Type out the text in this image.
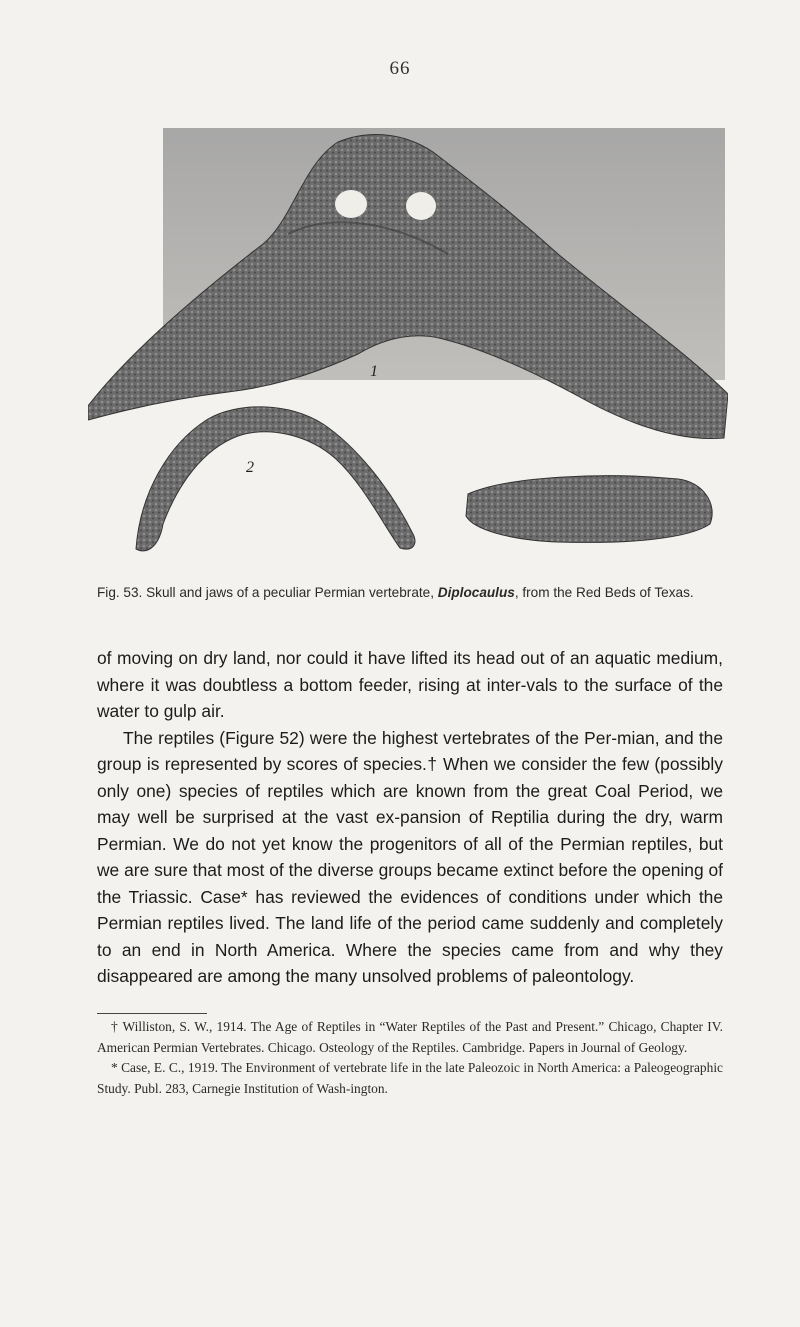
66
1
2
Fig. 53. Skull and jaws of a peculiar Permian vertebrate, Diplocaulus, from the Red Beds of Texas.

of moving on dry land, nor could it have lifted its head out of an aquatic medium, where it was doubtless a bottom feeder, rising at inter-vals to the surface of the water to gulp air.

The reptiles (Figure 52) were the highest vertebrates of the Per-mian, and the group is represented by scores of species.† When we consider the few (possibly only one) species of reptiles which are known from the great Coal Period, we may well be surprised at the vast ex-pansion of Reptilia during the dry, warm Permian. We do not yet know the progenitors of all of the Permian reptiles, but we are sure that most of the diverse groups became extinct before the opening of the Triassic. Case* has reviewed the evidences of conditions under which the Permian reptiles lived. The land life of the period came suddenly and completely to an end in North America. Where the species came from and why they disappeared are among the many unsolved problems of paleontology.

† Williston, S. W., 1914. The Age of Reptiles in “Water Reptiles of the Past and Present.” Chicago, Chapter IV. American Permian Vertebrates. Chicago. Osteology of the Reptiles. Cambridge. Papers in Journal of Geology.

* Case, E. C., 1919. The Environment of vertebrate life in the late Paleozoic in North America: a Paleogeographic Study. Publ. 283, Carnegie Institution of Wash-ington.
